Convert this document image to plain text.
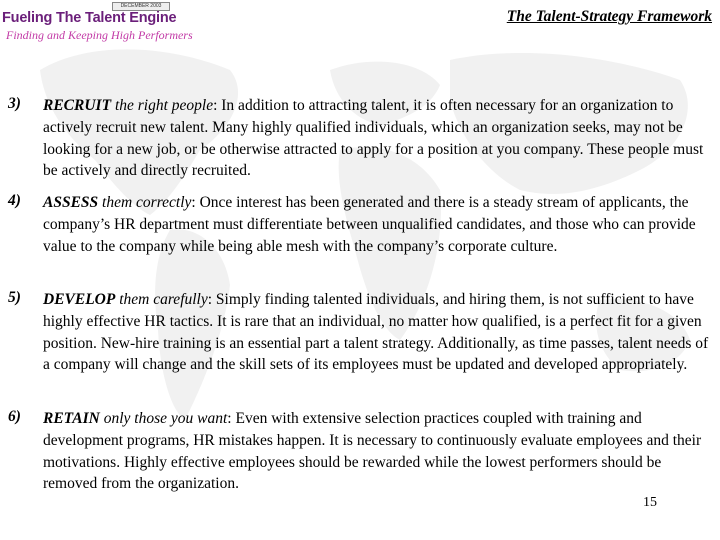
DECEMBER 2003
Fueling The Talent Engine
Finding and Keeping High Performers
The Talent-Strategy Framework
3) RECRUIT the right people: In addition to attracting talent, it is often necessary for an organization to actively recruit new talent. Many highly qualified individuals, which an organization seeks, may not be looking for a new job, or be otherwise attracted to apply for a position at you company. These people must be actively and directly recruited.
4) ASSESS them correctly: Once interest has been generated and there is a steady stream of applicants, the company’s HR department must differentiate between unqualified candidates, and those who can provide value to the company while being able mesh with the company’s corporate culture.
5) DEVELOP them carefully: Simply finding talented individuals, and hiring them, is not sufficient to have highly effective HR tactics. It is rare that an individual, no matter how qualified, is a perfect fit for a given position. New-hire training is an essential part a talent strategy. Additionally, as time passes, talent needs of a company will change and the skill sets of its employees must be updated and developed appropriately.
6) RETAIN only those you want: Even with extensive selection practices coupled with training and development programs, HR mistakes happen. It is necessary to continuously evaluate employees and their motivations. Highly effective employees should be rewarded while the lowest performers should be removed from the organization.
15
